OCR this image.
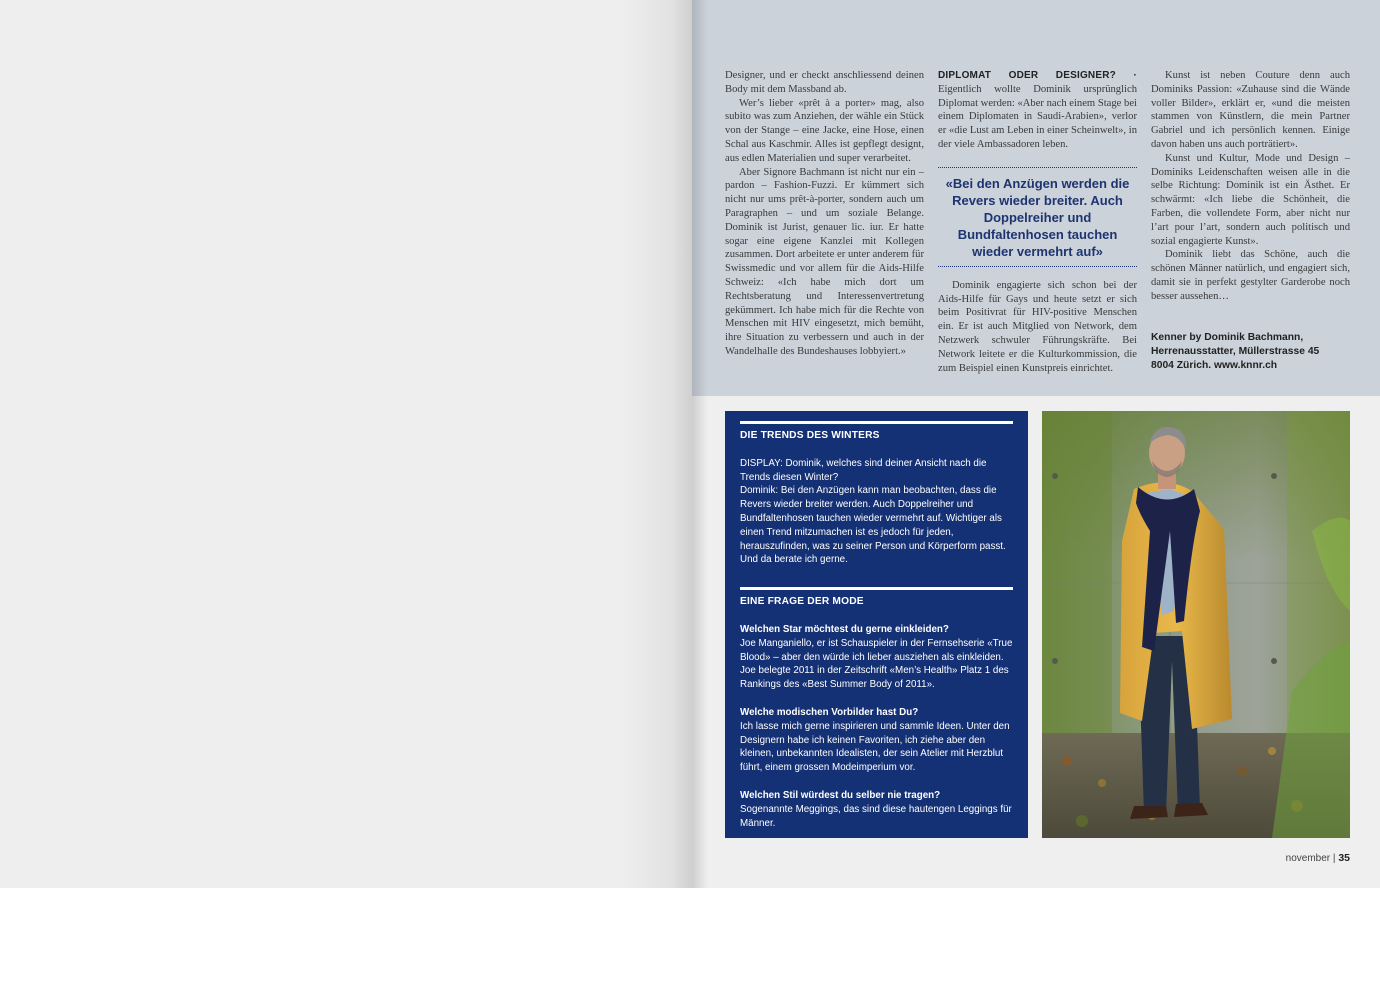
Designer, und er checkt anschliessend deinen Body mit dem Massband ab.

Wer’s lieber «prêt à a porter» mag, also subito was zum Anziehen, der wähle ein Stück von der Stange – eine Jacke, eine Hose, einen Schal aus Kaschmir. Alles ist gepflegt designt, aus edlen Materialien und super verarbeitet.

Aber Signore Bachmann ist nicht nur ein – pardon – Fashion-Fuzzi. Er kümmert sich nicht nur ums prêt-à-porter, sondern auch um Paragraphen – und um soziale Belange. Dominik ist Jurist, genauer lic. iur. Er hatte sogar eine eigene Kanzlei mit Kollegen zusammen. Dort arbeitete er unter anderem für Swissmedic und vor allem für die Aids-Hilfe Schweiz: «Ich habe mich dort um Rechtsberatung und Interessenvertretung gekümmert. Ich habe mich für die Rechte von Menschen mit HIV eingesetzt, mich bemüht, ihre Situation zu verbessern und auch in der Wandelhalle des Bundeshauses lobbyiert.»

DIPLOMAT ODER DESIGNER? · Eigentlich wollte Dominik ursprünglich Diplomat werden: «Aber nach einem Stage bei einem Diplomaten in Saudi-Arabien», verlor er «die Lust am Leben in einer Scheinwelt», in der viele Ambassadoren leben.

«Bei den Anzügen werden die Revers wieder breiter. Auch Doppelreiher und Bundfaltenhosen tauchen wieder vermehrt auf»

Dominik engagierte sich schon bei der Aids-Hilfe für Gays und heute setzt er sich beim Positivrat für HIV-positive Menschen ein. Er ist auch Mitglied von Network, dem Netzwerk schwuler Führungskräfte. Bei Network leitete er die Kulturkommission, die zum Beispiel einen Kunstpreis einrichtet.

Kunst ist neben Couture denn auch Dominiks Passion: «Zuhause sind die Wände voller Bilder», erklärt er, «und die meisten stammen von Künstlern, die mein Partner Gabriel und ich persönlich kennen. Einige davon haben uns auch porträtiert».

Kunst und Kultur, Mode und Design – Dominiks Leidenschaften weisen alle in die selbe Richtung: Dominik ist ein Ästhet. Er schwärmt: «Ich liebe die Schönheit, die Farben, die vollendete Form, aber nicht nur l’art pour l’art, sondern auch politisch und sozial engagierte Kunst».

Dominik liebt das Schöne, auch die schönen Männer natürlich, und engagiert sich, damit sie in perfekt gestylter Garderobe noch besser aussehen…

Kenner by Dominik Bachmann,
Herrenausstatter, Müllerstrasse 45
8004 Zürich. www.knnr.ch
DIE TRENDS DES WINTERS

DISPLAY: Dominik, welches sind deiner Ansicht nach die Trends diesen Winter?

Dominik: Bei den Anzügen kann man beobachten, dass die Revers wieder breiter werden. Auch Doppelreiher und Bundfaltenhosen tauchen wieder vermehrt auf. Wichtiger als einen Trend mitzumachen ist es jedoch für jeden, herauszufinden, was zu seiner Person und Körperform passt. Und da berate ich gerne.

EINE FRAGE DER MODE

Welchen Star möchtest du gerne einkleiden?

Joe Manganiello, er ist Schauspieler in der Fernsehserie «True Blood» – aber den würde ich lieber ausziehen als einkleiden. Joe belegte 2011 in der Zeitschrift «Men’s Health» Platz 1 des Rankings des «Best Summer Body of 2011».

Welche modischen Vorbilder hast Du?

Ich lasse mich gerne inspirieren und sammle Ideen. Unter den Designern habe ich keinen Favoriten, ich ziehe aber den kleinen, unbekannten Idealisten, der sein Atelier mit Herzblut führt, einem grossen Modeimperium vor.

Welchen Stil würdest du selber nie tragen?

Sogenannte Meggings, das sind diese hautengen Leggings für Männer.

november | 35
